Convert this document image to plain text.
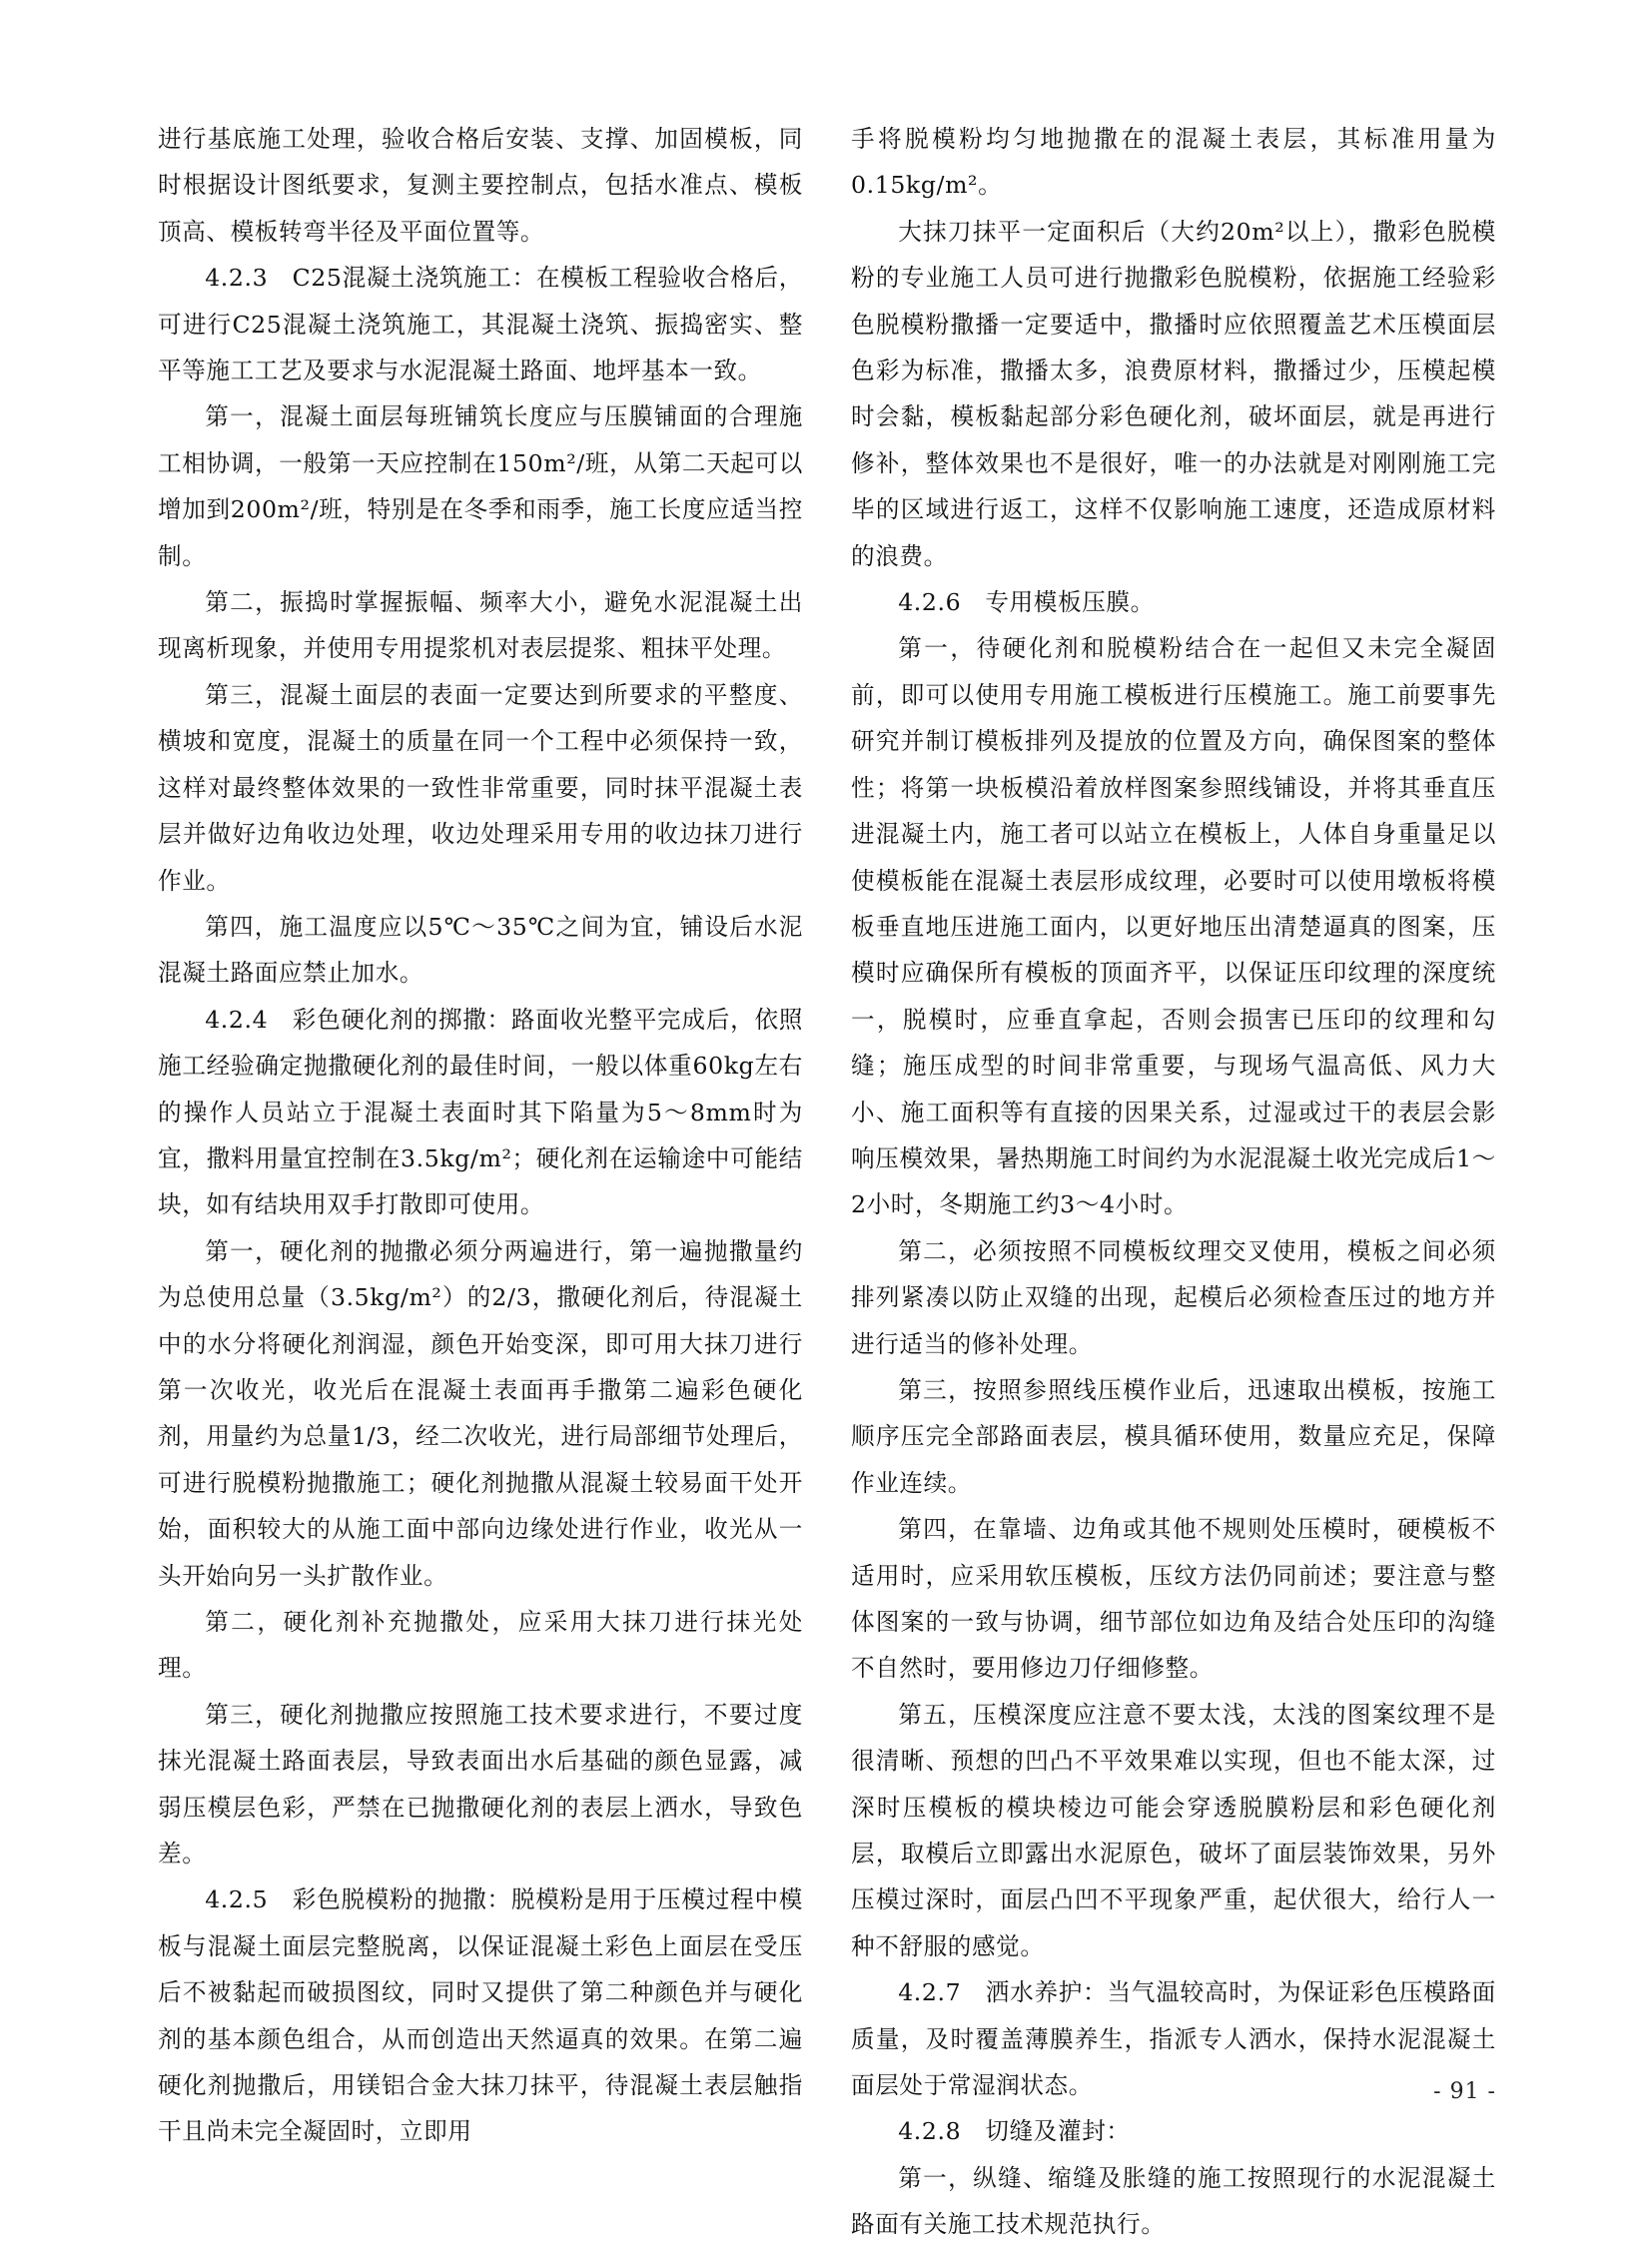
进行基底施工处理，验收合格后安装、支撑、加固模板，同时根据设计图纸要求，复测主要控制点，包括水准点、模板顶高、模板转弯半径及平面位置等。

4.2.3　C25混凝土浇筑施工：在模板工程验收合格后，可进行C25混凝土浇筑施工，其混凝土浇筑、振捣密实、整平等施工工艺及要求与水泥混凝土路面、地坪基本一致。

第一，混凝土面层每班铺筑长度应与压膜铺面的合理施工相协调，一般第一天应控制在150m²/班，从第二天起可以增加到200m²/班，特别是在冬季和雨季，施工长度应适当控制。

第二，振捣时掌握振幅、频率大小，避免水泥混凝土出现离析现象，并使用专用提浆机对表层提浆、粗抹平处理。

第三，混凝土面层的表面一定要达到所要求的平整度、横坡和宽度，混凝土的质量在同一个工程中必须保持一致，这样对最终整体效果的一致性非常重要，同时抹平混凝土表层并做好边角收边处理，收边处理采用专用的收边抹刀进行作业。

第四，施工温度应以5℃～35℃之间为宜，铺设后水泥混凝土路面应禁止加水。

4.2.4　彩色硬化剂的掷撒：路面收光整平完成后，依照施工经验确定抛撒硬化剂的最佳时间，一般以体重60kg左右的操作人员站立于混凝土表面时其下陷量为5～8mm时为宜，撒料用量宜控制在3.5kg/m²；硬化剂在运输途中可能结块，如有结块用双手打散即可使用。

第一，硬化剂的抛撒必须分两遍进行，第一遍抛撒量约为总使用总量（3.5kg/m²）的2/3，撒硬化剂后，待混凝土中的水分将硬化剂润湿，颜色开始变深，即可用大抹刀进行第一次收光，收光后在混凝土表面再手撒第二遍彩色硬化剂，用量约为总量1/3，经二次收光，进行局部细节处理后，可进行脱模粉抛撒施工；硬化剂抛撒从混凝土较易面干处开始，面积较大的从施工面中部向边缘处进行作业，收光从一头开始向另一头扩散作业。

第二，硬化剂补充抛撒处，应采用大抹刀进行抹光处理。

第三，硬化剂抛撒应按照施工技术要求进行，不要过度抹光混凝土路面表层，导致表面出水后基础的颜色显露，减弱压模层色彩，严禁在已抛撒硬化剂的表层上洒水，导致色差。

4.2.5　彩色脱模粉的抛撒：脱模粉是用于压模过程中模板与混凝土面层完整脱离，以保证混凝土彩色上面层在受压后不被黏起而破损图纹，同时又提供了第二种颜色并与硬化剂的基本颜色组合，从而创造出天然逼真的效果。在第二遍硬化剂抛撒后，用镁铝合金大抹刀抹平，待混凝土表层触指干且尚未完全凝固时，立即用

手将脱模粉均匀地抛撒在的混凝土表层，其标准用量为0.15kg/m²。

大抹刀抹平一定面积后（大约20m²以上），撒彩色脱模粉的专业施工人员可进行抛撒彩色脱模粉，依据施工经验彩色脱模粉撒播一定要适中，撒播时应依照覆盖艺术压模面层色彩为标准，撒播太多，浪费原材料，撒播过少，压模起模时会黏，模板黏起部分彩色硬化剂，破坏面层，就是再进行修补，整体效果也不是很好，唯一的办法就是对刚刚施工完毕的区域进行返工，这样不仅影响施工速度，还造成原材料的浪费。

4.2.6　专用模板压膜。

第一，待硬化剂和脱模粉结合在一起但又未完全凝固前，即可以使用专用施工模板进行压模施工。施工前要事先研究并制订模板排列及提放的位置及方向，确保图案的整体性；将第一块板模沿着放样图案参照线铺设，并将其垂直压进混凝土内，施工者可以站立在模板上，人体自身重量足以使模板能在混凝土表层形成纹理，必要时可以使用墩板将模板垂直地压进施工面内，以更好地压出清楚逼真的图案，压模时应确保所有模板的顶面齐平，以保证压印纹理的深度统一，脱模时，应垂直拿起，否则会损害已压印的纹理和勾缝；施压成型的时间非常重要，与现场气温高低、风力大小、施工面积等有直接的因果关系，过湿或过干的表层会影响压模效果，暑热期施工时间约为水泥混凝土收光完成后1～2小时，冬期施工约3～4小时。

第二，必须按照不同模板纹理交叉使用，模板之间必须排列紧凑以防止双缝的出现，起模后必须检查压过的地方并进行适当的修补处理。

第三，按照参照线压模作业后，迅速取出模板，按施工顺序压完全部路面表层，模具循环使用，数量应充足，保障作业连续。

第四，在靠墙、边角或其他不规则处压模时，硬模板不适用时，应采用软压模板，压纹方法仍同前述；要注意与整体图案的一致与协调，细节部位如边角及结合处压印的沟缝不自然时，要用修边刀仔细修整。

第五，压模深度应注意不要太浅，太浅的图案纹理不是很清晰、预想的凹凸不平效果难以实现，但也不能太深，过深时压模板的模块棱边可能会穿透脱膜粉层和彩色硬化剂层，取模后立即露出水泥原色，破坏了面层装饰效果，另外压模过深时，面层凸凹不平现象严重，起伏很大，给行人一种不舒服的感觉。

4.2.7　洒水养护：当气温较高时，为保证彩色压模路面质量，及时覆盖薄膜养生，指派专人洒水，保持水泥混凝土面层处于常湿润状态。

4.2.8　切缝及灌封：

第一，纵缝、缩缝及胀缝的施工按照现行的水泥混凝土路面有关施工技术规范执行。

- 91 -
